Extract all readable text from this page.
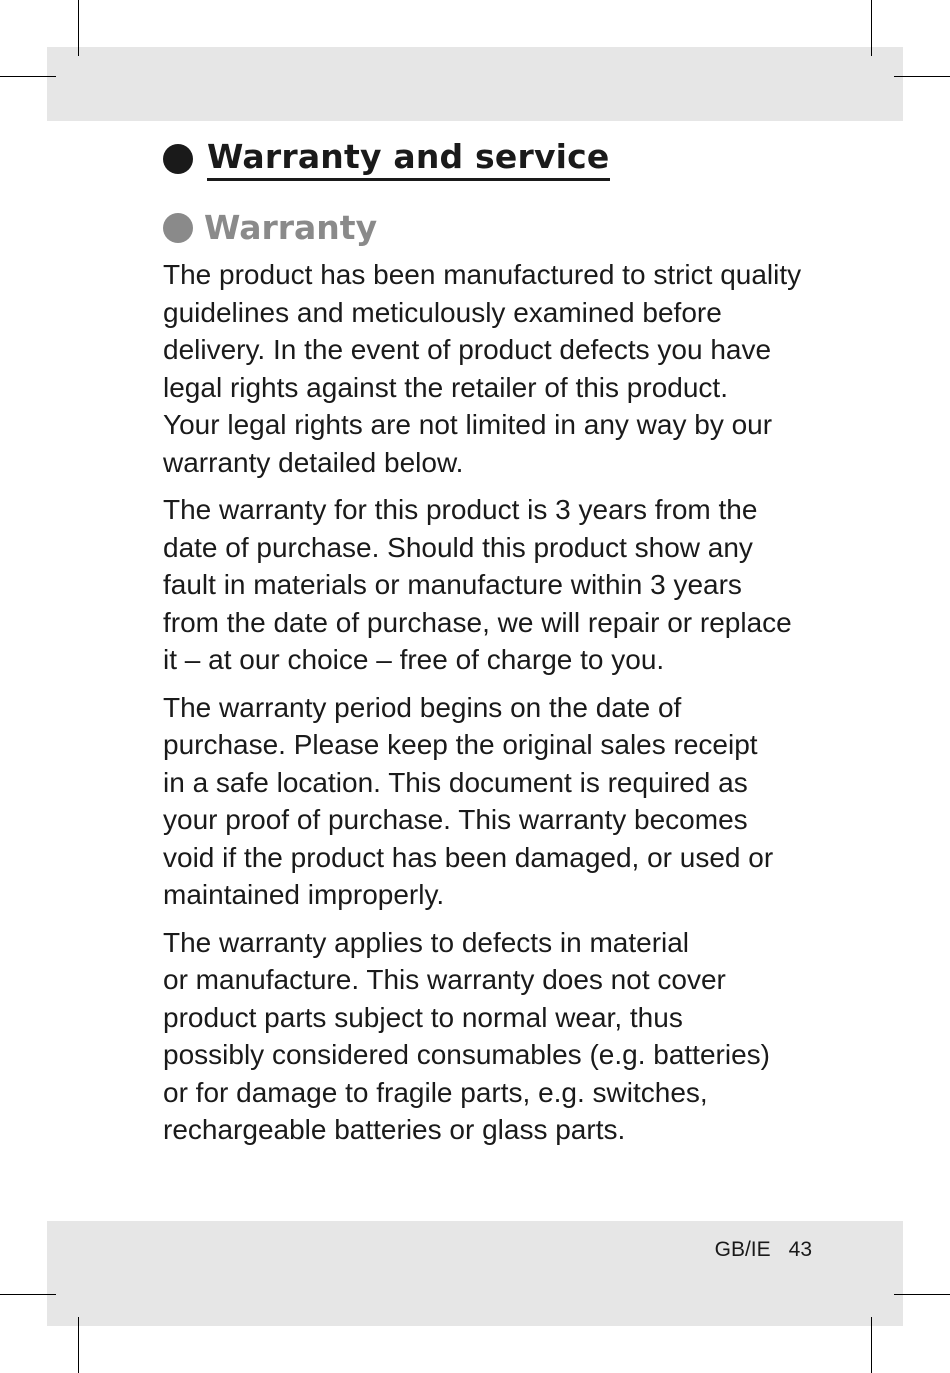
Warranty and service
Warranty

The product has been manufactured to strict quality
guidelines and meticulously examined before
delivery. In the event of product defects you have
legal rights against the retailer of this product.
Your legal rights are not limited in any way by our
warranty detailed below.

The warranty for this product is 3 years from the
date of purchase. Should this product show any
fault in materials or manufacture within 3 years
from the date of purchase, we will repair or replace
it – at our choice – free of charge to you.

The warranty period begins on the date of
purchase. Please keep the original sales receipt
in a safe location. This document is required as
your proof of purchase. This warranty becomes
void if the product has been damaged, or used or
maintained improperly.

The warranty applies to defects in material
or manufacture. This warranty does not cover
product parts subject to normal wear, thus
possibly considered consumables (e.g. batteries)
or for damage to fragile parts, e.g. switches,
rechargeable batteries or glass parts.

GB/IE 43
